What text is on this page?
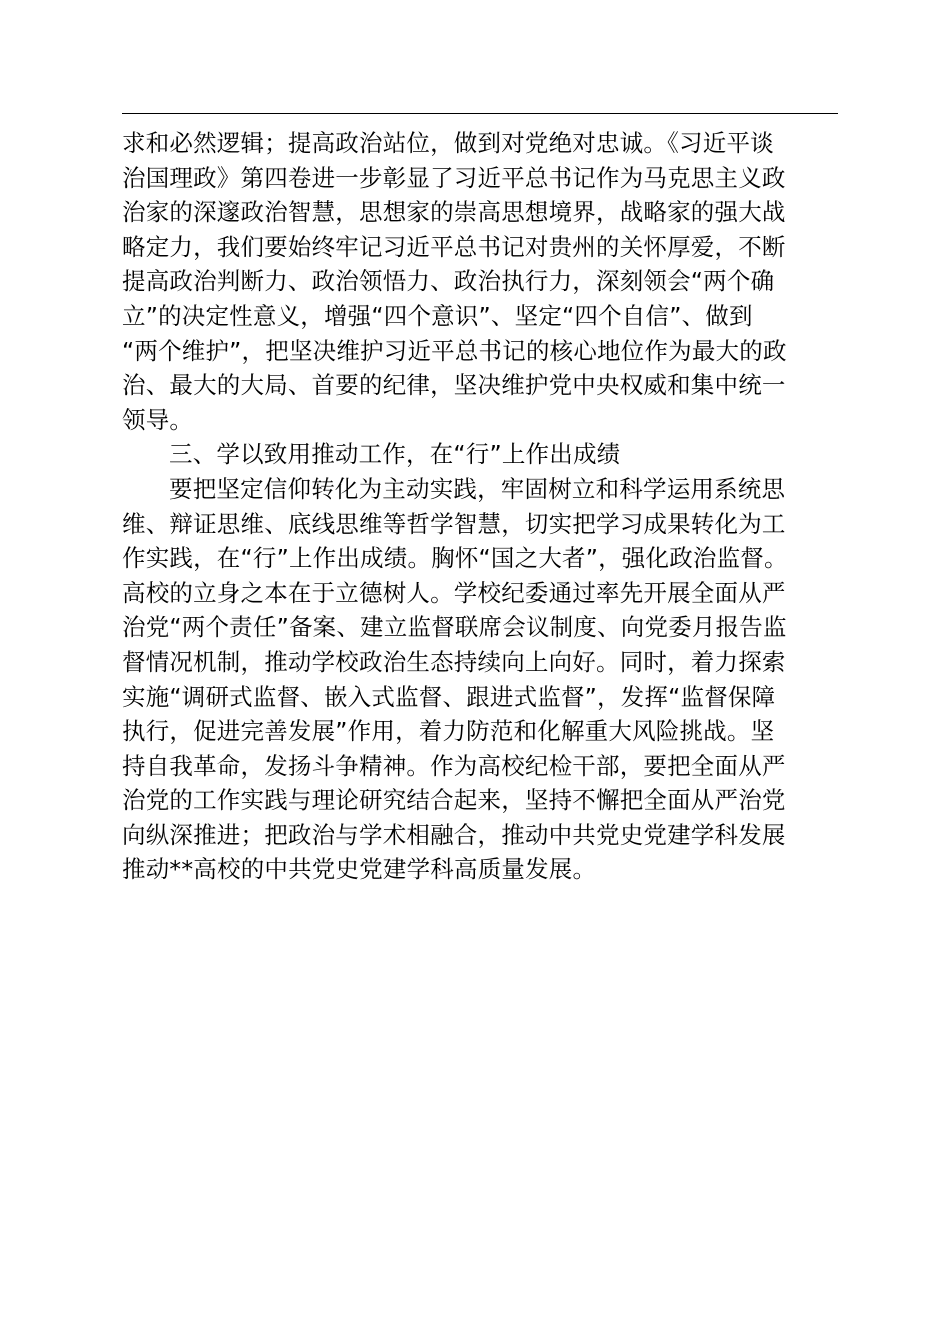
求和必然逻辑；提高政治站位，做到对党绝对忠诚。《习近平谈
治国理政》第四卷进一步彰显了习近平总书记作为马克思主义政
治家的深邃政治智慧，思想家的崇高思想境界，战略家的强大战
略定力，我们要始终牢记习近平总书记对贵州的关怀厚爱，不断
提高政治判断力、政治领悟力、政治执行力，深刻领会“两个确
立”的决定性意义，增强“四个意识”、坚定“四个自信”、做到
“两个维护”，把坚决维护习近平总书记的核心地位作为最大的政
治、最大的大局、首要的纪律，坚决维护党中央权威和集中统一
领导。
三、学以致用推动工作，在“行”上作出成绩
要把坚定信仰转化为主动实践，牢固树立和科学运用系统思
维、辩证思维、底线思维等哲学智慧，切实把学习成果转化为工
作实践，在“行”上作出成绩。胸怀“国之大者”，强化政治监督。
高校的立身之本在于立德树人。学校纪委通过率先开展全面从严
治党“两个责任”备案、建立监督联席会议制度、向党委月报告监
督情况机制，推动学校政治生态持续向上向好。同时，着力探索
实施“调研式监督、嵌入式监督、跟进式监督”，发挥“监督保障
执行，促进完善发展”作用，着力防范和化解重大风险挑战。坚
持自我革命，发扬斗争精神。作为高校纪检干部，要把全面从严
治党的工作实践与理论研究结合起来，坚持不懈把全面从严治党
向纵深推进；把政治与学术相融合，推动中共党史党建学科发展
推动**高校的中共党史党建学科高质量发展。
